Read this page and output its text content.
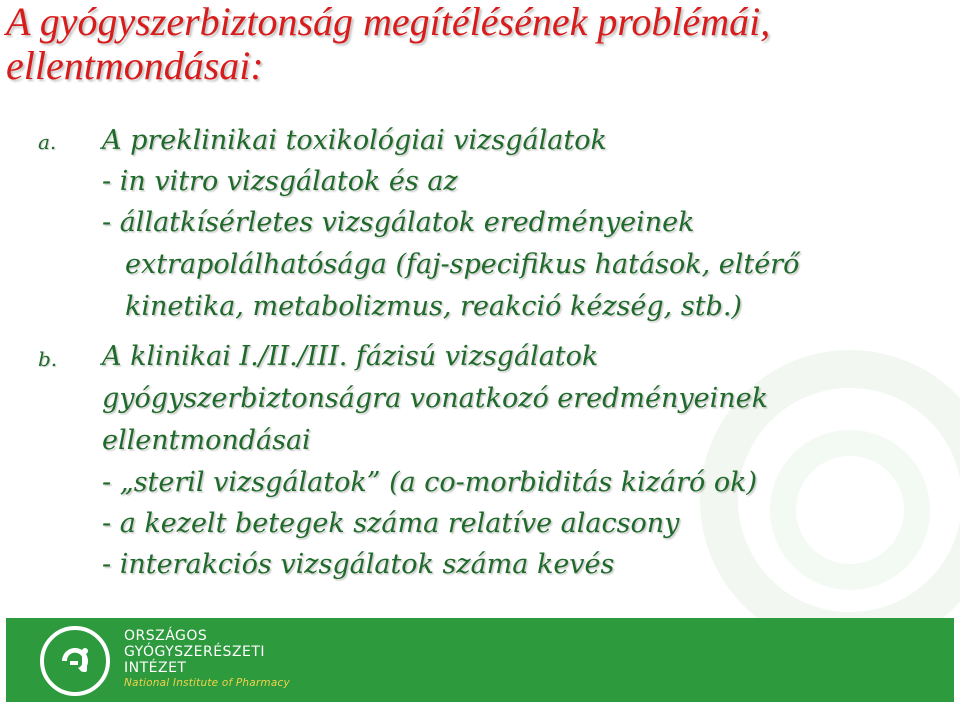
A gyógyszerbiztonság megítélésének problémái,
ellentmondásai:
a. A preklinikai toxikológiai vizsgálatok
- in vitro vizsgálatok és az
- állatkísérletes vizsgálatok eredményeinek
extrapolálhatósága (faj-specifikus hatások, eltérő
kinetika, metabolizmus, reakció kézség, stb.)
b. A klinikai I./II./III. fázisú vizsgálatok
gyógyszerbiztonságra vonatkozó eredményeinek
ellentmondásai
- „steril vizsgálatok” (a co-morbiditás kizáró ok)
- a kezelt betegek száma relatíve alacsony
- interakciós vizsgálatok száma kevés
ORSZÁGOS
GYÓGYSZERÉSZETI
INTÉZET
National Institute of Pharmacy
